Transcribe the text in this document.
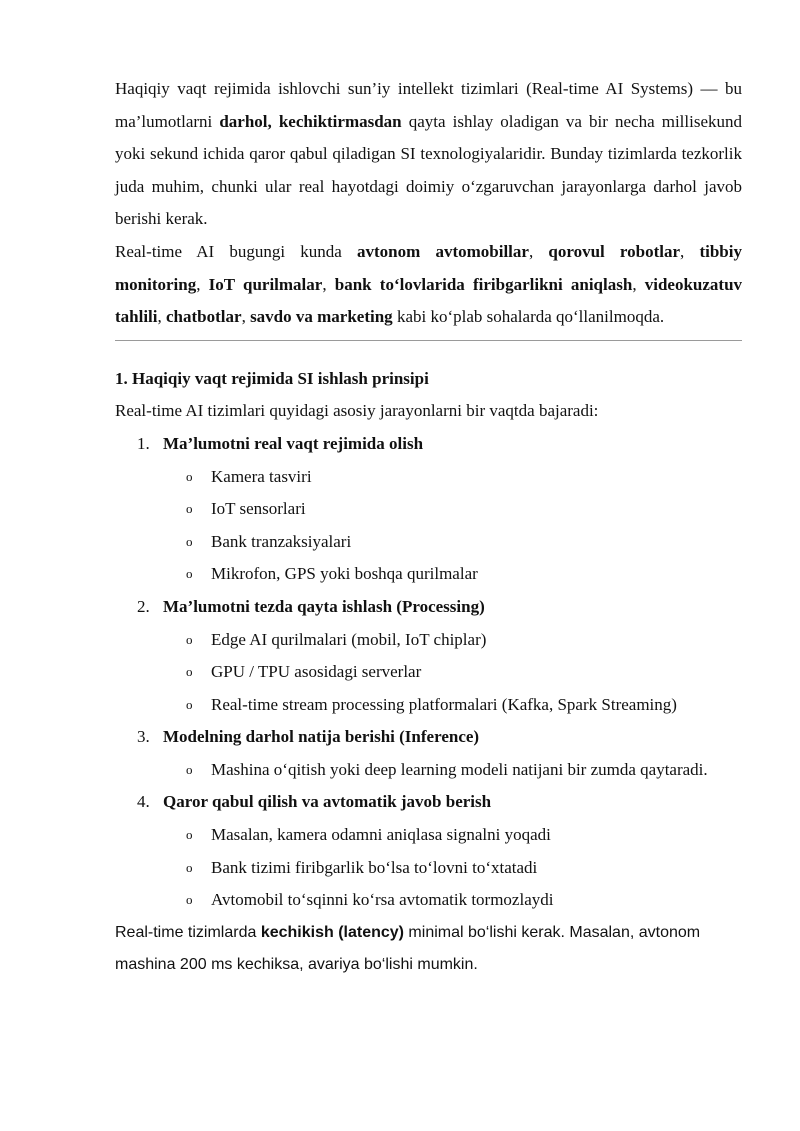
Haqiqiy vaqt rejimida ishlovchi sun’iy intellekt tizimlari (Real-time AI Systems) — bu ma’lumotlarni darhol, kechiktirmasdan qayta ishlay oladigan va bir necha millisekund yoki sekund ichida qaror qabul qiladigan SI texnologiyalaridir. Bunday tizimlarda tezkorlik juda muhim, chunki ular real hayotdagi doimiy o‘zgaruvchan jarayonlarga darhol javob berishi kerak.

Real-time AI bugungi kunda avtonom avtomobillar, qorovul robotlar, tibbiy monitoring, IoT qurilmalar, bank to‘lovlarida firibgarlikni aniqlash, videokuzatuv tahlili, chatbotlar, savdo va marketing kabi ko‘plab sohalarda qo‘llanilmoqda.

1. Haqiqiy vaqt rejimida SI ishlash prinsipi

Real-time AI tizimlari quyidagi asosiy jarayonlarni bir vaqtda bajaradi:

1. Ma’lumotni real vaqt rejimida olish
o Kamera tasviri
o IoT sensorlari
o Bank tranzaksiyalari
o Mikrofon, GPS yoki boshqa qurilmalar
2. Ma’lumotni tezda qayta ishlash (Processing)
o Edge AI qurilmalari (mobil, IoT chiplar)
o GPU / TPU asosidagi serverlar
o Real-time stream processing platformalari (Kafka, Spark Streaming)
3. Modelning darhol natija berishi (Inference)
o Mashina o‘qitish yoki deep learning modeli natijani bir zumda qaytaradi.
4. Qaror qabul qilish va avtomatik javob berish
o Masalan, kamera odamni aniqlasa signalni yoqadi
o Bank tizimi firibgarlik bo‘lsa to‘lovni to‘xtatadi
o Avtomobil to‘sqinni ko‘rsa avtomatik tormozlaydi

Real-time tizimlarda kechikish (latency) minimal bo‘lishi kerak. Masalan, avtonom mashina 200 ms kechiksa, avariya bo‘lishi mumkin.
